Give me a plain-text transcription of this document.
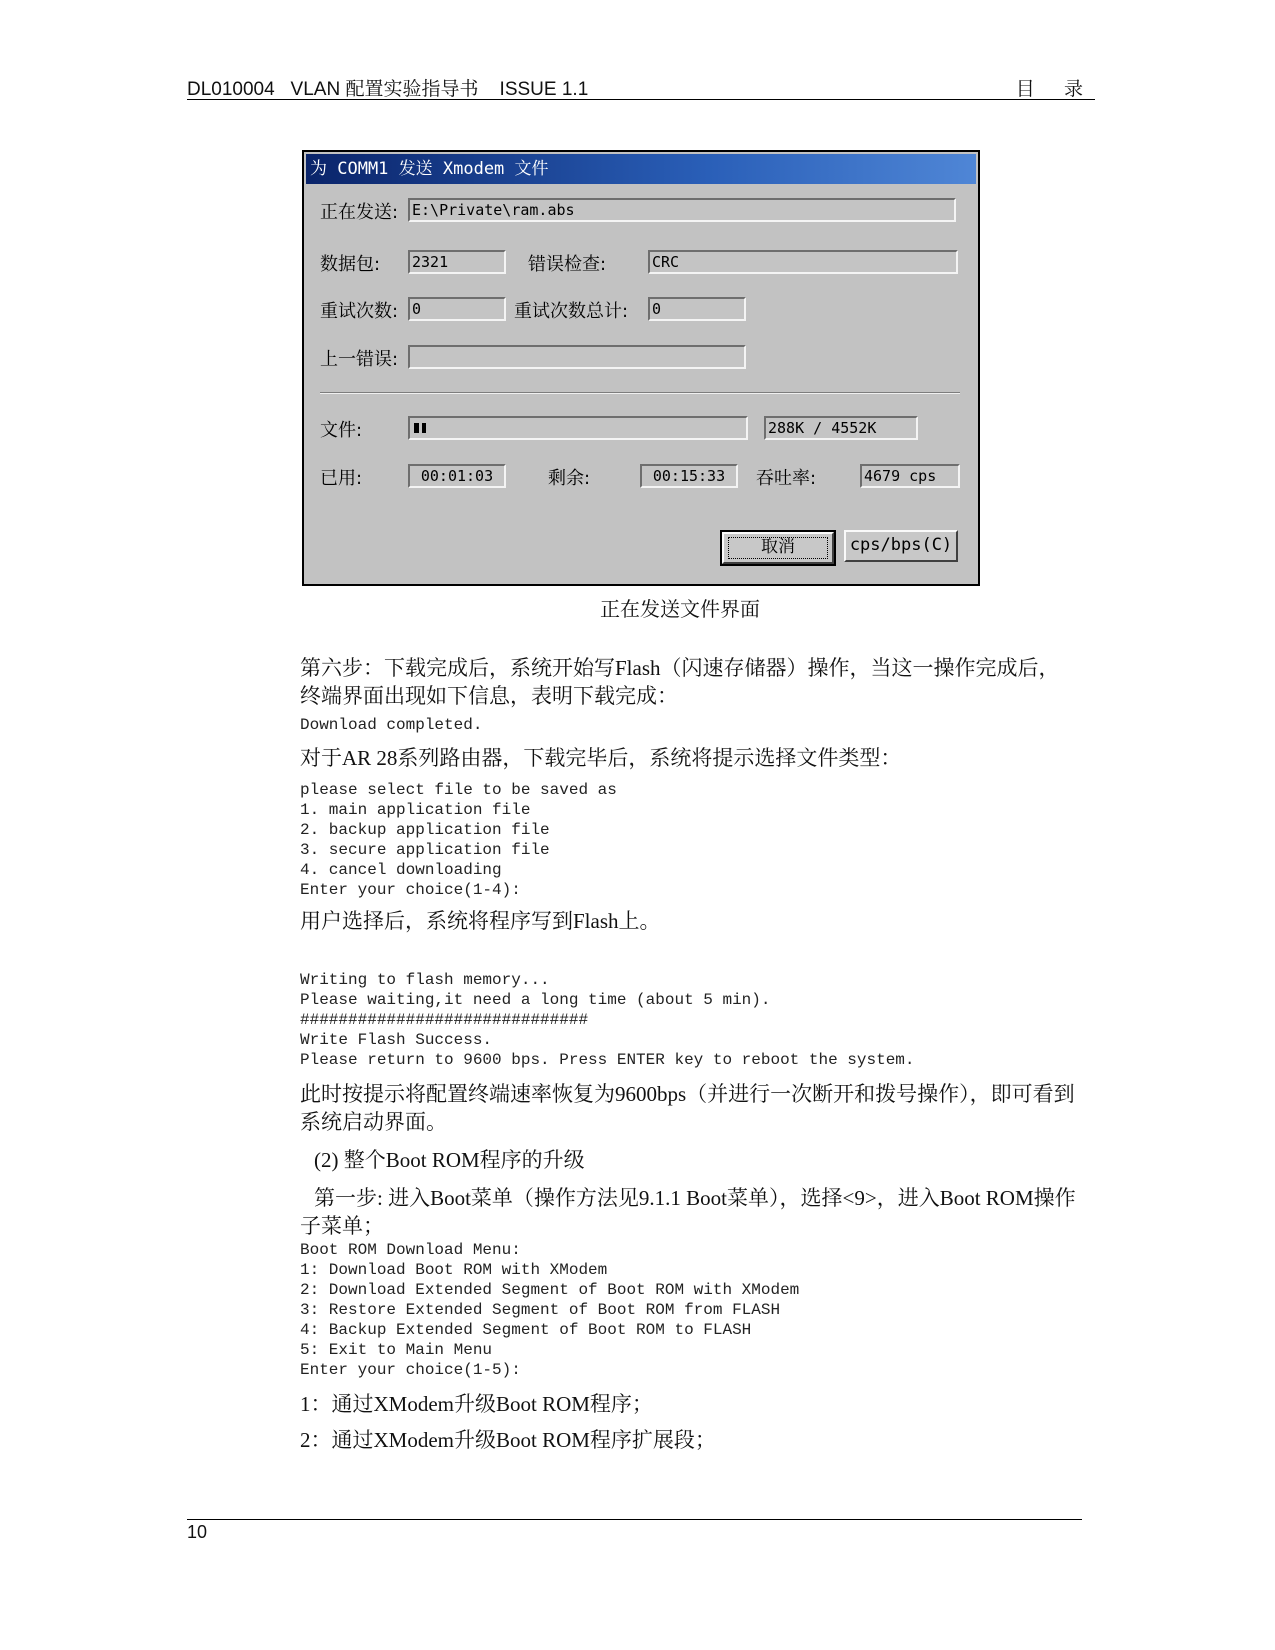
DL010004   VLAN 配置实验指导书    ISSUE 1.1	目 录
为 COMM1 发送 Xmodem 文件
正在发送: E:\Private\ram.abs
数据包: 2321	错误检查:	CRC
重试次数: 0	重试次数总计: 0
上一错误:
文件:	288K / 4552K
已用:	00:01:03	剩余:	00:15:33	吞吐率:	4679 cps
取消	cps/bps(C)
正在发送文件界面
第六步：下载完成后，系统开始写Flash（闪速存储器）操作，当这一操作完成后，终端界面出现如下信息，表明下载完成：
Download completed.
对于AR 28系列路由器，下载完毕后，系统将提示选择文件类型：
please select file to be saved as
1. main application file
2. backup application file
3. secure application file
4. cancel downloading
Enter your choice(1-4):
用户选择后，系统将程序写到Flash上。
Writing to flash memory...
Please waiting,it need a long time (about 5 min).
##############################
Write Flash Success.
Please return to 9600 bps. Press ENTER key to reboot the system.
此时按提示将配置终端速率恢复为9600bps（并进行一次断开和拨号操作），即可看到系统启动界面。
(2) 整个Boot ROM程序的升级
第一步: 进入Boot菜单（操作方法见9.1.1 Boot菜单），选择<9>，进入Boot ROM操作子菜单；
Boot ROM Download Menu:
1: Download Boot ROM with XModem
2: Download Extended Segment of Boot ROM with XModem
3: Restore Extended Segment of Boot ROM from FLASH
4: Backup Extended Segment of Boot ROM to FLASH
5: Exit to Main Menu
Enter your choice(1-5):
1：通过XModem升级Boot ROM程序；
2：通过XModem升级Boot ROM程序扩展段；
10
